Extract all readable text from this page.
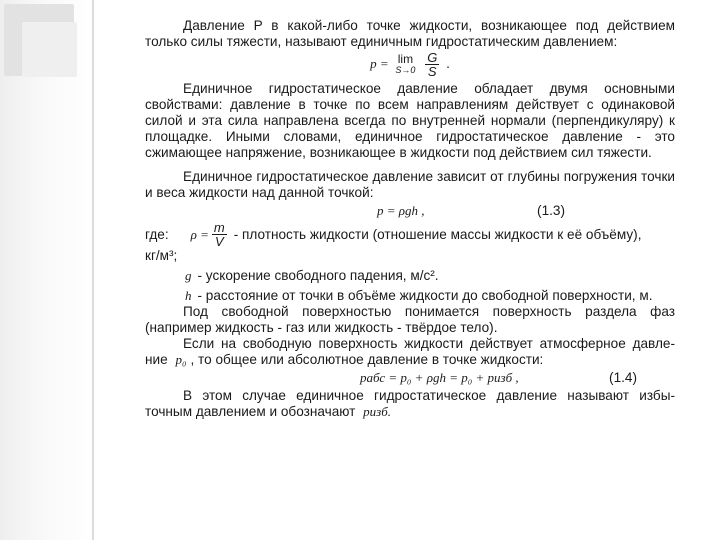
Давление P в какой-либо точке жидкости, возникающее под действием только силы тяжести, называют единичным гидростатическим давлением:

p = lim
S→0
$\frac{G}{S}$ .

Единичное гидростатическое давление обладает двумя основными свойствами: давление в точке по всем направлениям действует с одинаковой силой и эта сила направлена всегда по внутренней нормали (перпендикуляру) к площадке. Иными словами, единичное гидростатическое давление - это сжимающее напряжение, возникающее в жидкости под действием сил тяжести.

Единичное гидростатическое давление зависит от глубины погружения точки и веса жидкости над данной точкой:

p = ρgh ,	(1.3)
где: $\rho = \frac{m}{V}$ - плотность жидкости (отношение массы жидкости к её объёму),
кг/м³;
g - ускорение свободного падения, м/с².
h - расстояние от точки в объёме жидкости до свободной поверхности, м.

Под свободной поверхностью понимается поверхность раздела фаз (например жидкость - газ или жидкость - твёрдое тело).

Если на свободную поверхность жидкости действует атмосферное давле- ние p₀ , то общее или абсолютное давление в точке жидкости:

pабс = p₀ + ρgh = p₀ + pизб ,	(1.4)

В этом случае единичное гидростатическое давление называют избы- точным давлением и обозначают pизб.
